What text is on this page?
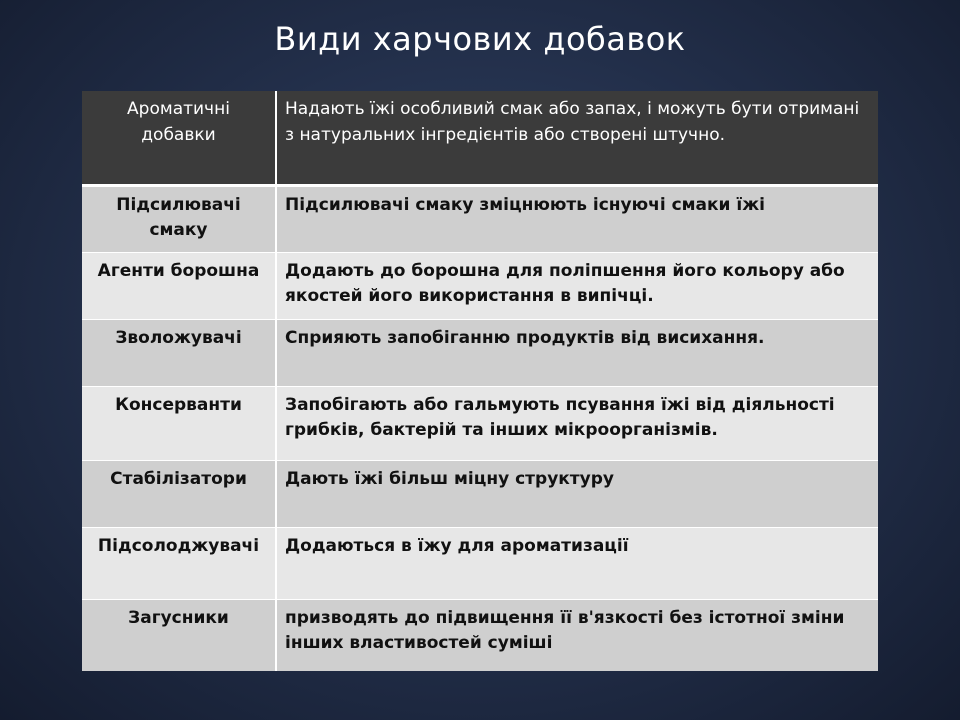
Види харчових добавок
Ароматичні добавки	Надають їжі особливий смак або запах, і можуть бути отримані з натуральних інгредієнтів або створені штучно.
Підсилювачі смаку	Підсилювачі смаку зміцнюють існуючі смаки їжі
Агенти борошна	Додають до борошна для поліпшення його кольору або якостей його використання в випічці.
Зволожувачі	Сприяють запобіганню продуктів від висихання.
Консерванти	Запобігають або гальмують псування їжі від діяльності грибків, бактерій та інших мікроорганізмів.
Стабілізатори	Дають їжі більш міцну структуру
Підсолоджувачі	Додаються в їжу для ароматизації
Загусники	призводять до підвищення її в'язкості без істотної зміни інших властивостей суміші
